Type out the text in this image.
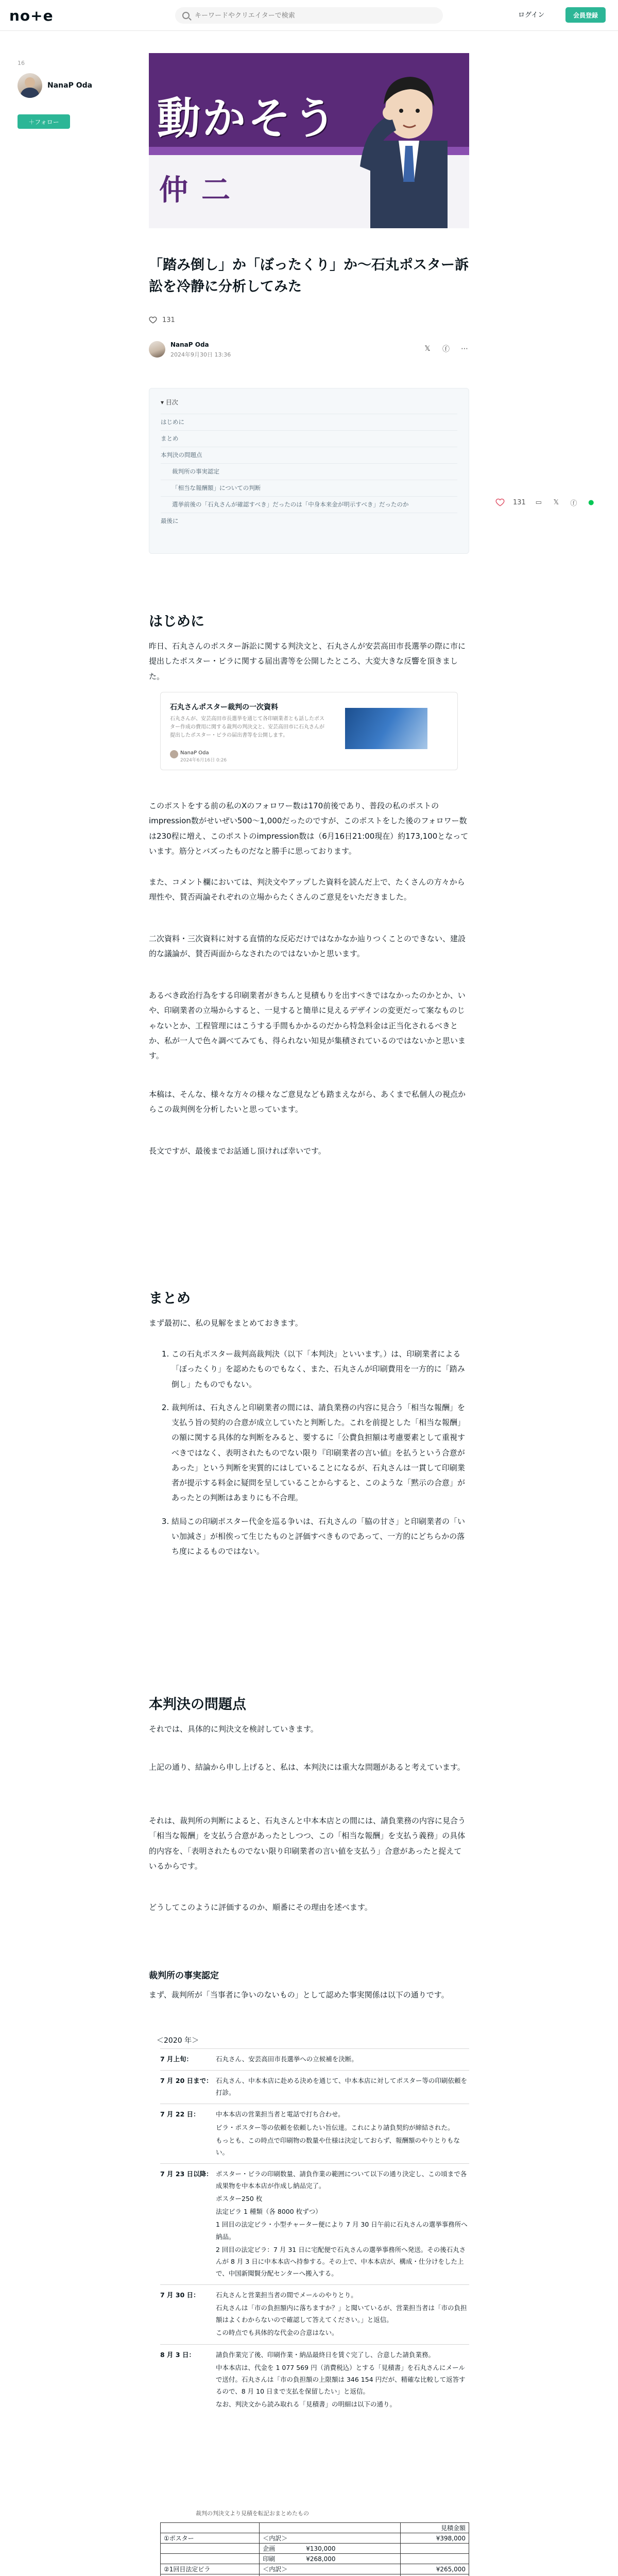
no+e
キーワードやクリエイターで検索	ログイン	会員登録
16
NanaP Oda
＋ フォロー 動かそう
仲二
「踏み倒し」か「ぼったくり」か〜石丸ポスター訴訟を冷静に分析してみた
131
NanaP Oda
2024年9月30日 13:36
𝕏 ⓕ ⋯
▾ 目次
はじめに
まとめ
本判決の問題点
裁判所の事実認定
「相当な報酬額」についての判断
選挙前後の「石丸さんが確認すべき」だったのは「中身本来金が明示すべき」だったのか
最後に
131 ▭ 𝕏 ⓕ ●
はじめに
昨日、石丸さんのポスター訴訟に関する判決文と、石丸さんが安芸高田市長選挙の際に市に提出したポスター・ビラに関する届出書等を公開したところ、大変大きな反響を頂きました。
石丸さんポスター裁判の一次資料
石丸さんが、安芸高田市長選挙を通じて各印刷業者とも話したポスター作成の費用に関する裁判の判決文と、安芸高田市に石丸さんが提出したポスター・ビラの届出書等を公開します。
NanaP Oda
2024年6月16日 0:26
このポストをする前の私のXのフォロワー数は170前後であり、普段の私のポストのimpression数がせいぜい500〜1,000だったのですが、このポストをした後のフォロワー数は230程に増え、このポストのimpression数は（6月16日21:00現在）約173,100となっています。筋分とバズったものだなと勝手に思っております。
また、コメント欄においては、判決文やアップした資料を読んだ上で、たくさんの方々から理性や、賛否両論それぞれの立場からたくさんのご意見をいただきました。
二次資料・三次資料に対する直情的な反応だけではなかなか辿りつくことのできない、建設的な議論が、賛否両面からなされたのではないかと思います。
あるべき政治行為をする印刷業者がきちんと見積もりを出すべきではなかったのかとか、いや、印刷業者の立場からすると、一見すると簡単に見えるデザインの変更だって案なものじゃないとか、工程管理にはこうする手間もかかるのだから特急料金は正当化されるべきとか、私が一人で色々調べてみても、得られない知見が集積されているのではないかと思います。
本稿は、そんな、様々な方々の様々なご意見なども踏まえながら、あくまで私個人の視点からこの裁判例を分析したいと思っています。
長文ですが、最後までお話通し頂ければ幸いです。
まとめ
まず最初に、私の見解をまとめておきます。
1. この石丸ポスター裁判高裁判決（以下「本判決」といいます。）は、印刷業者による「ぼったくり」を認めたものでもなく、また、石丸さんが印刷費用を一方的に「踏み倒し」たものでもない。
2. 裁判所は、石丸さんと印刷業者の間には、請負業務の内容に見合う「相当な報酬」を支払う旨の契約の合意が成立していたと判断した。これを前提とした「相当な報酬」の額に関する具体的な判断をみると、要するに「公費負担額は考慮要素として重視すべきではなく、表明されたものでない限り『印刷業者の言い値』を払うという合意があった」という判断を実質的にはしていることになるが、石丸さんは一貫して印刷業者が提示する料金に疑問を呈していることからすると、このような「黙示の合意」があったとの判断はあまりにも不合理。
3. 結局この印刷ポスター代金を巡る争いは、石丸さんの「脇の甘さ」と印刷業者の「いい加減さ」が相俟って生じたものと評価すべきものであって、一方的にどちらかの落ち度によるものではない。
本判決の問題点
それでは、具体的に判決文を検討していきます。
上記の通り、結論から申し上げると、私は、本判決には重大な問題があると考えています。
それは、裁判所の判断によると、石丸さんと中本本店との間には、請負業務の内容に見合う「相当な報酬」を支払う合意があったとしつつ、この「相当な報酬」を支払う義務」の具体的内容を、「表明されたものでない限り印刷業者の言い値を支払う」合意があったと捉えているからです。
どうしてこのように評価するのか、順番にその理由を述べます。
裁判所の事実認定
まず、裁判所が「当事者に争いのないもの」として認めた事実関係は以下の通りです。
＜2020 年＞
7 月上旬：	石丸さん、安芸高田市長選挙への立候補を決断。

7 月 20 日まで： 石丸さん、中本本店に赴める決めを通じて、中本本店に対してポスター等の印刷依頼を打診。

7 月 22 日：	中本本店の営業担当者と電話で打ち合わせ。

ビラ・ポスター等の依頼を依頼したい旨伝達。これにより請負契約が締結された。

もっとも、この時点で印刷物の数量や仕様は決定しておらず、報酬額のやりとりもない。

7 月 23 日以降： ポスター・ビラの印刷数量、請負作業の範囲について以下の通り決定し、この頃まで各成果物を中本本店が作成し納品完了。

ポスター250 枚

法定ビラ 1 種類（各 8000 枚ずつ）

1 回目の法定ビラ・小型チャーター便により 7 月 30 日午前に石丸さんの選挙事務所へ納品。

2 回目の法定ビラ：7 月 31 日に宅配便で石丸さんの選挙事務所へ発送。その後石丸さんが 8 月 3 日に中本本店へ持参する。その上で、中本本店が、構成・仕分けをした上で、中国新聞賢分配センターへ搬入する。

7 月 30 日：	石丸さんと営業担当者の間でメールのやりとり。

石丸さんは「市の負担額内に落ちますか？」と聞いているが、営業担当者は「市の負担額はよくわからないので確認して答えてください。」と返信。

この時点でも具体的な代金の合意はない。

8 月 3 日：	請負作業完了後、印刷作業・納品最終日を賃ぐ完了し、合意した請負業務。

中本本店は、代金を 1 077 569 円（消費税込）とする「見積書」を石丸さんにメールで送付。石丸さんは「市の負担額の上限額は 346 154 円だが、精確な比較して返答するので、8 月 10 日まで支払を保留したい」と返信。

なお、判決文から読み取れる「見積書」の明細は以下の通り。

裁判の判決文より見積を転記おまとめたもの
		見積金額
①ポスター	＜内訳＞	¥398,000
	企画　　　　　¥130,000	
	印刷　　　　　¥268,000	
②1回目法定ビラ	＜内訳＞	¥265,000
